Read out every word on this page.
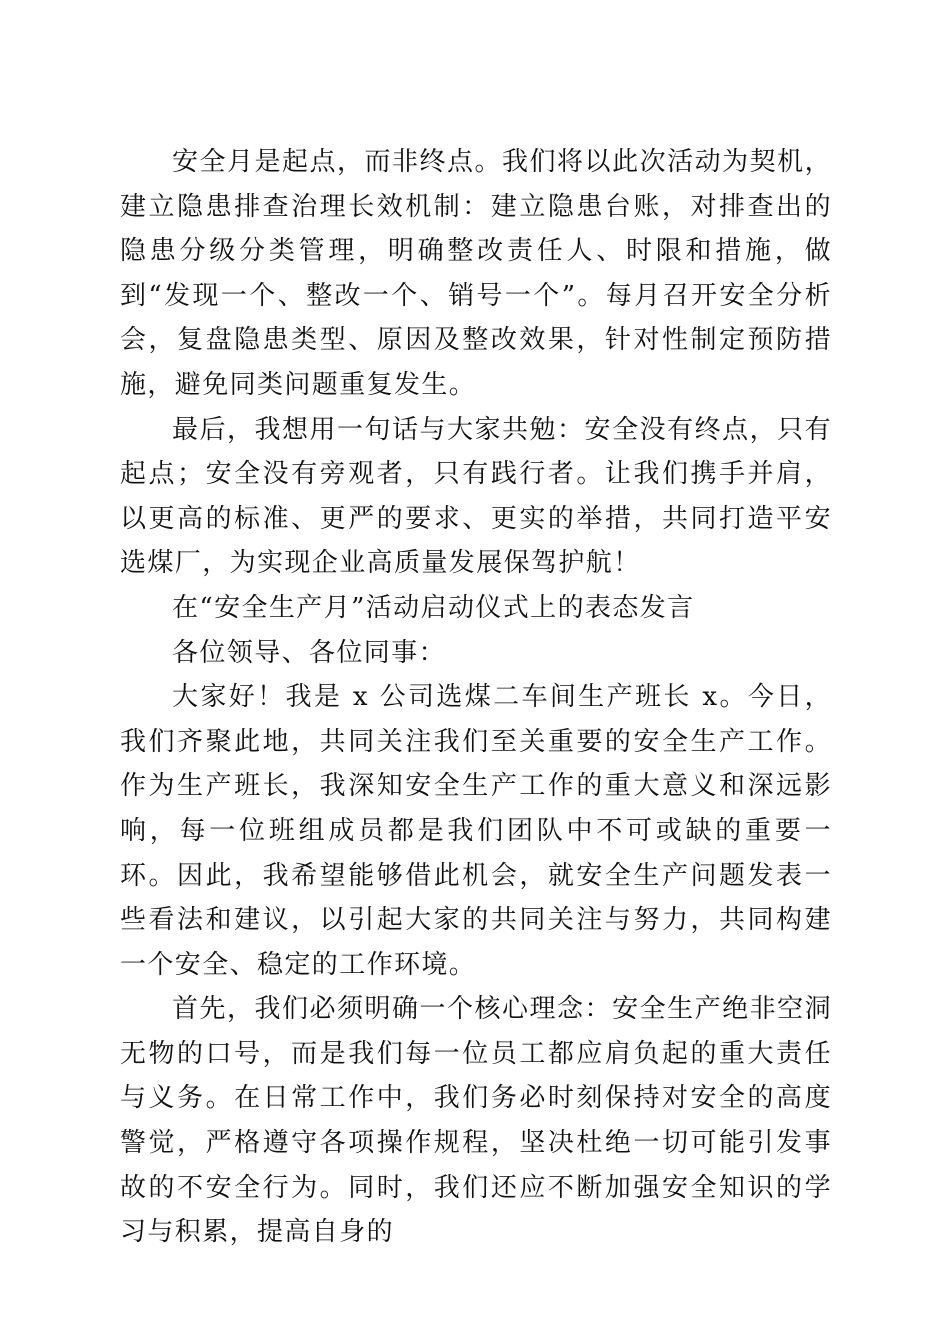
安全月是起点，而非终点。我们将以此次活动为契机，建立隐患排查治理长效机制：建立隐患台账，对排查出的隐患分级分类管理，明确整改责任人、时限和措施，做到“发现一个、整改一个、销号一个”。每月召开安全分析会，复盘隐患类型、原因及整改效果，针对性制定预防措施，避免同类问题重复发生。

最后，我想用一句话与大家共勉：安全没有终点，只有起点；安全没有旁观者，只有践行者。让我们携手并肩，以更高的标准、更严的要求、更实的举措，共同打造平安选煤厂，为实现企业高质量发展保驾护航！

在“安全生产月”活动启动仪式上的表态发言

各位领导、各位同事：

大家好！我是 x 公司选煤二车间生产班长 x。今日，我们齐聚此地，共同关注我们至关重要的安全生产工作。作为生产班长，我深知安全生产工作的重大意义和深远影响，每一位班组成员都是我们团队中不可或缺的重要一环。因此，我希望能够借此机会，就安全生产问题发表一些看法和建议，以引起大家的共同关注与努力，共同构建一个安全、稳定的工作环境。

首先，我们必须明确一个核心理念：安全生产绝非空洞无物的口号，而是我们每一位员工都应肩负起的重大责任与义务。在日常工作中，我们务必时刻保持对安全的高度警觉，严格遵守各项操作规程，坚决杜绝一切可能引发事故的不安全行为。同时，我们还应不断加强安全知识的学习与积累，提高自身的
